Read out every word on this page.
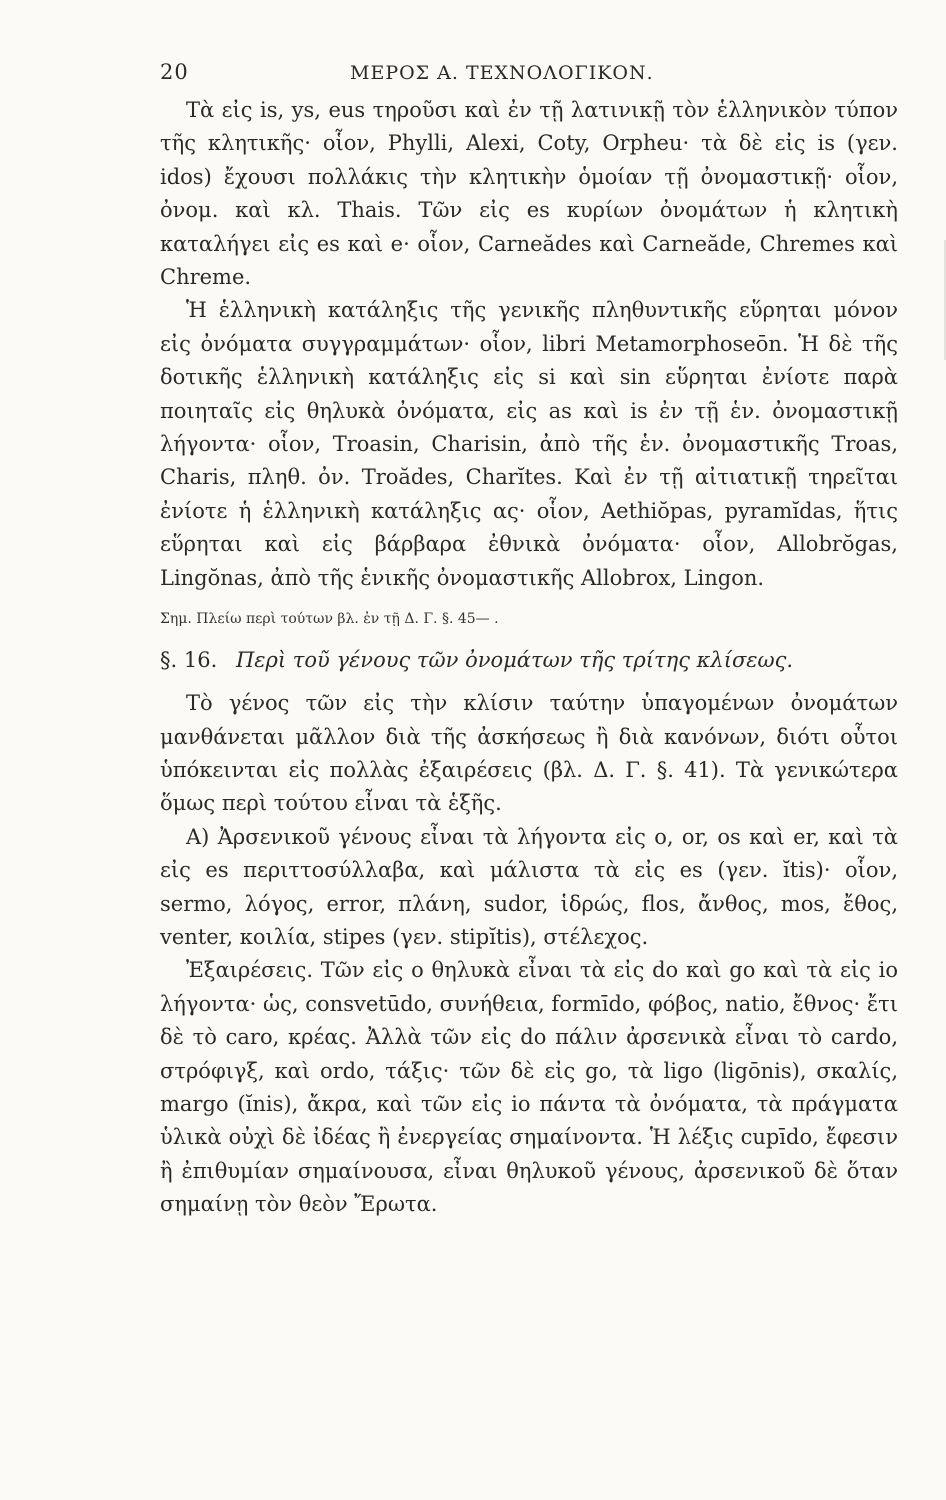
20	ΜΕΡΟΣ Α. ΤΕΧΝΟΛΟΓΙΚΟΝ.

Τὰ εἰς is, ys, eus τηροῦσι καὶ ἐν τῇ λατινικῇ τὸν ἑλληνικὸν τύπον τῆς κλητικῆς· οἷον, Phylli, Alexi, Coty, Orpheu· τὰ δὲ εἰς is (γεν. idos) ἔχουσι πολλάκις τὴν κλητικὴν ὁμοίαν τῇ ὀνομαστικῇ· οἷον, ὀνομ. καὶ κλ. Thais. Τῶν εἰς es κυρίων ὀνομάτων ἡ κλητικὴ καταλήγει εἰς es καὶ e· οἷον, Carneădes καὶ Carneăde, Chremes καὶ Chreme.

Ἡ ἑλληνικὴ κατάληξις τῆς γενικῆς πληθυντικῆς εὕρηται μόνον εἰς ὀνόματα συγγραμμάτων· οἷον, libri Metamorphoseōn. Ἡ δὲ τῆς δοτικῆς ἑλληνικὴ κατάληξις εἰς si καὶ sin εὕρηται ἐνίοτε παρὰ ποιηταῖς εἰς θηλυκὰ ὀνόματα, εἰς as καὶ is ἐν τῇ ἑν. ὀνομαστικῇ λήγοντα· οἷον, Troasin, Charisin, ἀπὸ τῆς ἑν. ὀνομαστικῆς Troas, Charis, πληθ. ὀν. Troădes, Charĭtes. Καὶ ἐν τῇ αἰτιατικῇ τηρεῖται ἐνίοτε ἡ ἑλληνικὴ κατάληξις ας· οἷον, Aethiŏpas, pyramĭdas, ἥτις εὕρηται καὶ εἰς βάρβαρα ἐθνικὰ ὀνόματα· οἷον, Allobrŏgas, Lingŏnas, ἀπὸ τῆς ἑνικῆς ὀνομαστικῆς Allobrox, Lingon.

Σημ. Πλείω περὶ τούτων βλ. ἐν τῇ Δ. Γ. §. 45— .
§. 16. Περὶ τοῦ γένους τῶν ὀνομάτων τῆς τρίτης κλίσεως.

Τὸ γένος τῶν εἰς τὴν κλίσιν ταύτην ὑπαγομένων ὀνομάτων μανθάνεται μᾶλλον διὰ τῆς ἀσκήσεως ἢ διὰ κανόνων, διότι οὗτοι ὑπόκεινται εἰς πολλὰς ἐξαιρέσεις (βλ. Δ. Γ. §. 41). Τὰ γενικώτερα ὅμως περὶ τούτου εἶναι τὰ ἑξῆς.

Α) Ἀρσενικοῦ γένους εἶναι τὰ λήγοντα εἰς o, or, os καὶ er, καὶ τὰ εἰς es περιττοσύλλαβα, καὶ μάλιστα τὰ εἰς es (γεν. ĭtis)· οἷον, sermo, λόγος, error, πλάνη, sudor, ἱδρώς, flos, ἄνθος, mos, ἔθος, venter, κοιλία, stipes (γεν. stipĭtis), στέλεχος.

Ἐξαιρέσεις. Τῶν εἰς o θηλυκὰ εἶναι τὰ εἰς do καὶ go καὶ τὰ εἰς io λήγοντα· ὡς, consvetūdo, συνήθεια, formīdo, φόβος, natio, ἔθνος· ἔτι δὲ τὸ caro, κρέας. Ἀλλὰ τῶν εἰς do πάλιν ἀρσενικὰ εἶναι τὸ cardo, στρόφιγξ, καὶ ordo, τάξις· τῶν δὲ εἰς go, τὰ ligo (ligōnis), σκαλίς, margo (ĭnis), ἄκρα, καὶ τῶν εἰς io πάντα τὰ ὀνόματα, τὰ πράγματα ὑλικὰ οὐχὶ δὲ ἰδέας ἢ ἐνεργείας σημαίνοντα. Ἡ λέξις cupīdo, ἔφεσιν ἢ ἐπιθυμίαν σημαίνουσα, εἶναι θηλυκοῦ γένους, ἀρσενικοῦ δὲ ὅταν σημαίνῃ τὸν θεὸν Ἔρωτα.
